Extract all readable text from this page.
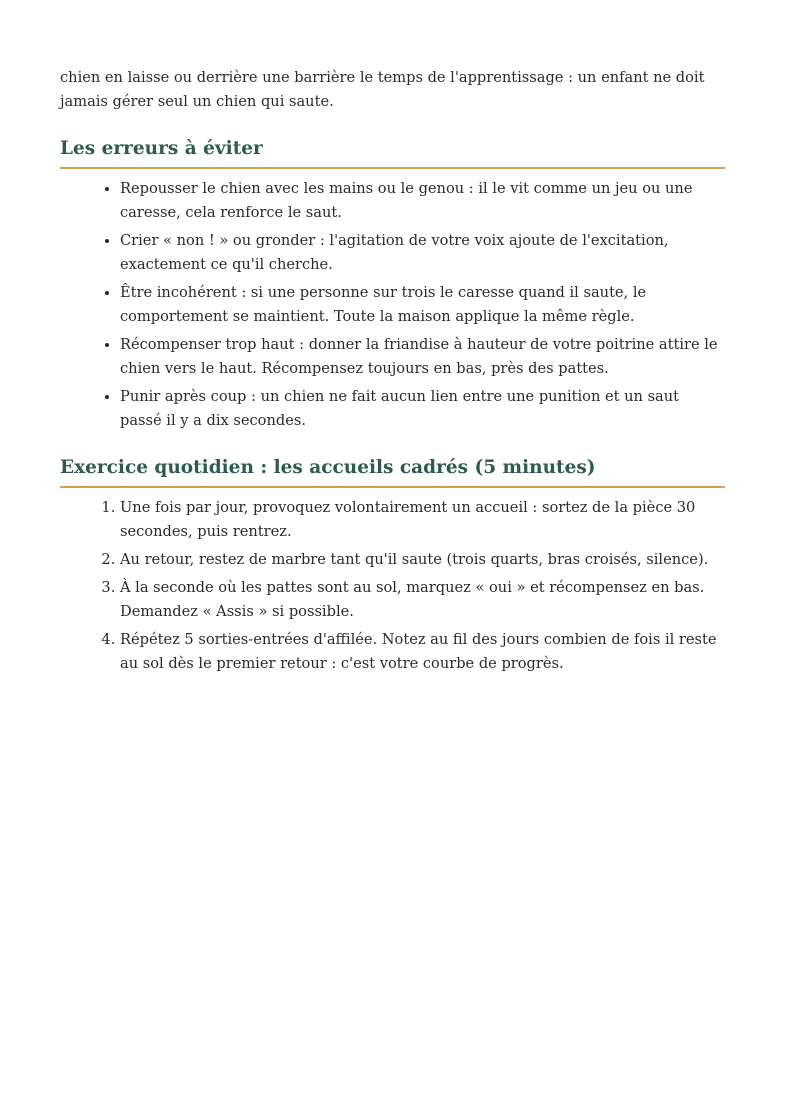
chien en laisse ou derrière une barrière le temps de l'apprentissage : un enfant ne doit jamais gérer seul un chien qui saute.

Les erreurs à éviter
• Repousser le chien avec les mains ou le genou : il le vit comme un jeu ou une caresse, cela renforce le saut.
• Crier « non ! » ou gronder : l'agitation de votre voix ajoute de l'excitation, exactement ce qu'il cherche.
• Être incohérent : si une personne sur trois le caresse quand il saute, le comportement se maintient. Toute la maison applique la même règle.
• Récompenser trop haut : donner la friandise à hauteur de votre poitrine attire le chien vers le haut. Récompensez toujours en bas, près des pattes.
• Punir après coup : un chien ne fait aucun lien entre une punition et un saut passé il y a dix secondes.
Exercice quotidien : les accueils cadrés (5 minutes)
1. Une fois par jour, provoquez volontairement un accueil : sortez de la pièce 30 secondes, puis rentrez.
2. Au retour, restez de marbre tant qu'il saute (trois quarts, bras croisés, silence).
3. À la seconde où les pattes sont au sol, marquez « oui » et récompensez en bas. Demandez « Assis » si possible.
4. Répétez 5 sorties-entrées d'affilée. Notez au fil des jours combien de fois il reste au sol dès le premier retour : c'est votre courbe de progrès.
